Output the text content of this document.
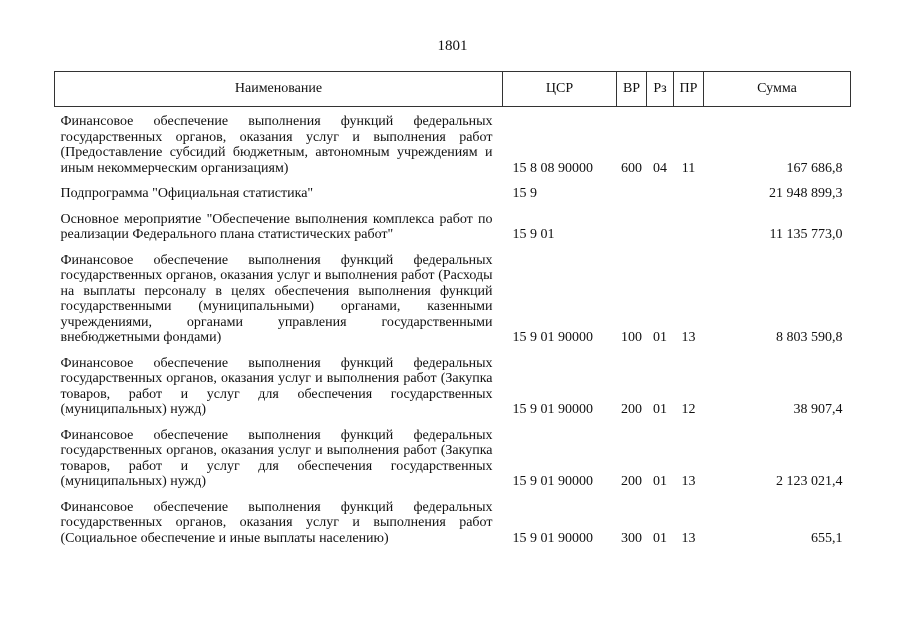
1801
Наименование	ЦСР	ВР	Рз	ПР	Сумма
Финансовое обеспечение выполнения функций федеральных государственных органов, оказания услуг и выполнения работ (Предоставление субсидий бюджетным, автономным учреждениям и иным некоммерческим организациям)	15 8 08 90000	600	04	11	167 686,8
Подпрограмма "Официальная статистика"	15 9				21 948 899,3
Основное мероприятие "Обеспечение выполнения комплекса работ по реализации Федерального плана статистических работ"	15 9 01				11 135 773,0
Финансовое обеспечение выполнения функций федеральных государственных органов, оказания услуг и выполнения работ (Расходы на выплаты персоналу в целях обеспечения выполнения функций государственными (муниципальными) органами, казенными учреждениями, органами управления государственными внебюджетными фондами)	15 9 01 90000	100	01	13	8 803 590,8
Финансовое обеспечение выполнения функций федеральных государственных органов, оказания услуг и выполнения работ (Закупка товаров, работ и услуг для обеспечения государственных (муниципальных) нужд)	15 9 01 90000	200	01	12	38 907,4
Финансовое обеспечение выполнения функций федеральных государственных органов, оказания услуг и выполнения работ (Закупка товаров, работ и услуг для обеспечения государственных (муниципальных) нужд)	15 9 01 90000	200	01	13	2 123 021,4
Финансовое обеспечение выполнения функций федеральных государственных органов, оказания услуг и выполнения работ (Социальное обеспечение и иные выплаты населению)	15 9 01 90000	300	01	13	655,1
